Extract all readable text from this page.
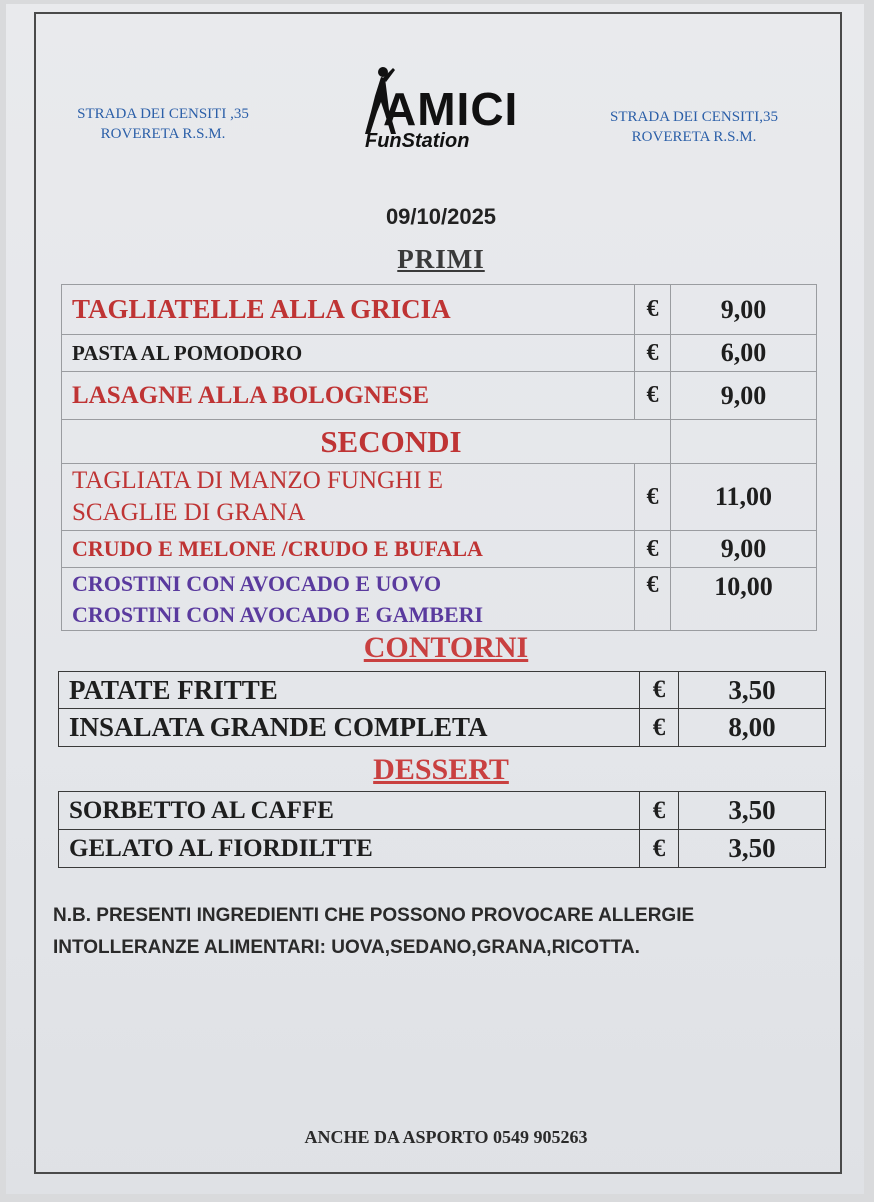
STRADA DEI CENSITI ,35
ROVERETA R.S.M.	AMICI
FunStation
STRADA DEI CENSITI,35
ROVERETA R.S.M.
09/10/2025
PRIMI
TAGLIATELLE ALLA GRICIA	€	9,00
PASTA AL POMODORO	€	6,00
LASAGNE ALLA BOLOGNESE	€	9,00
SECONDI		

TAGLIATA DI MANZO FUNGHI E SCAGLIE DI GRANA	€	11,00
CRUDO E MELONE /CRUDO E BUFALA	€	9,00

CROSTINI CON AVOCADO E UOVO
CROSTINI CON AVOCADO E GAMBERI	€	10,00
CONTORNI
PATATE FRITTE	€	3,50
INSALATA GRANDE COMPLETA	€	8,00
DESSERT
SORBETTO AL CAFFE	€	3,50
GELATO AL FIORDILTTE	€	3,50
N.B. PRESENTI INGREDIENTI CHE POSSONO PROVOCARE ALLERGIE
INTOLLERANZE ALIMENTARI: UOVA,SEDANO,GRANA,RICOTTA.
ANCHE DA ASPORTO 0549 905263
